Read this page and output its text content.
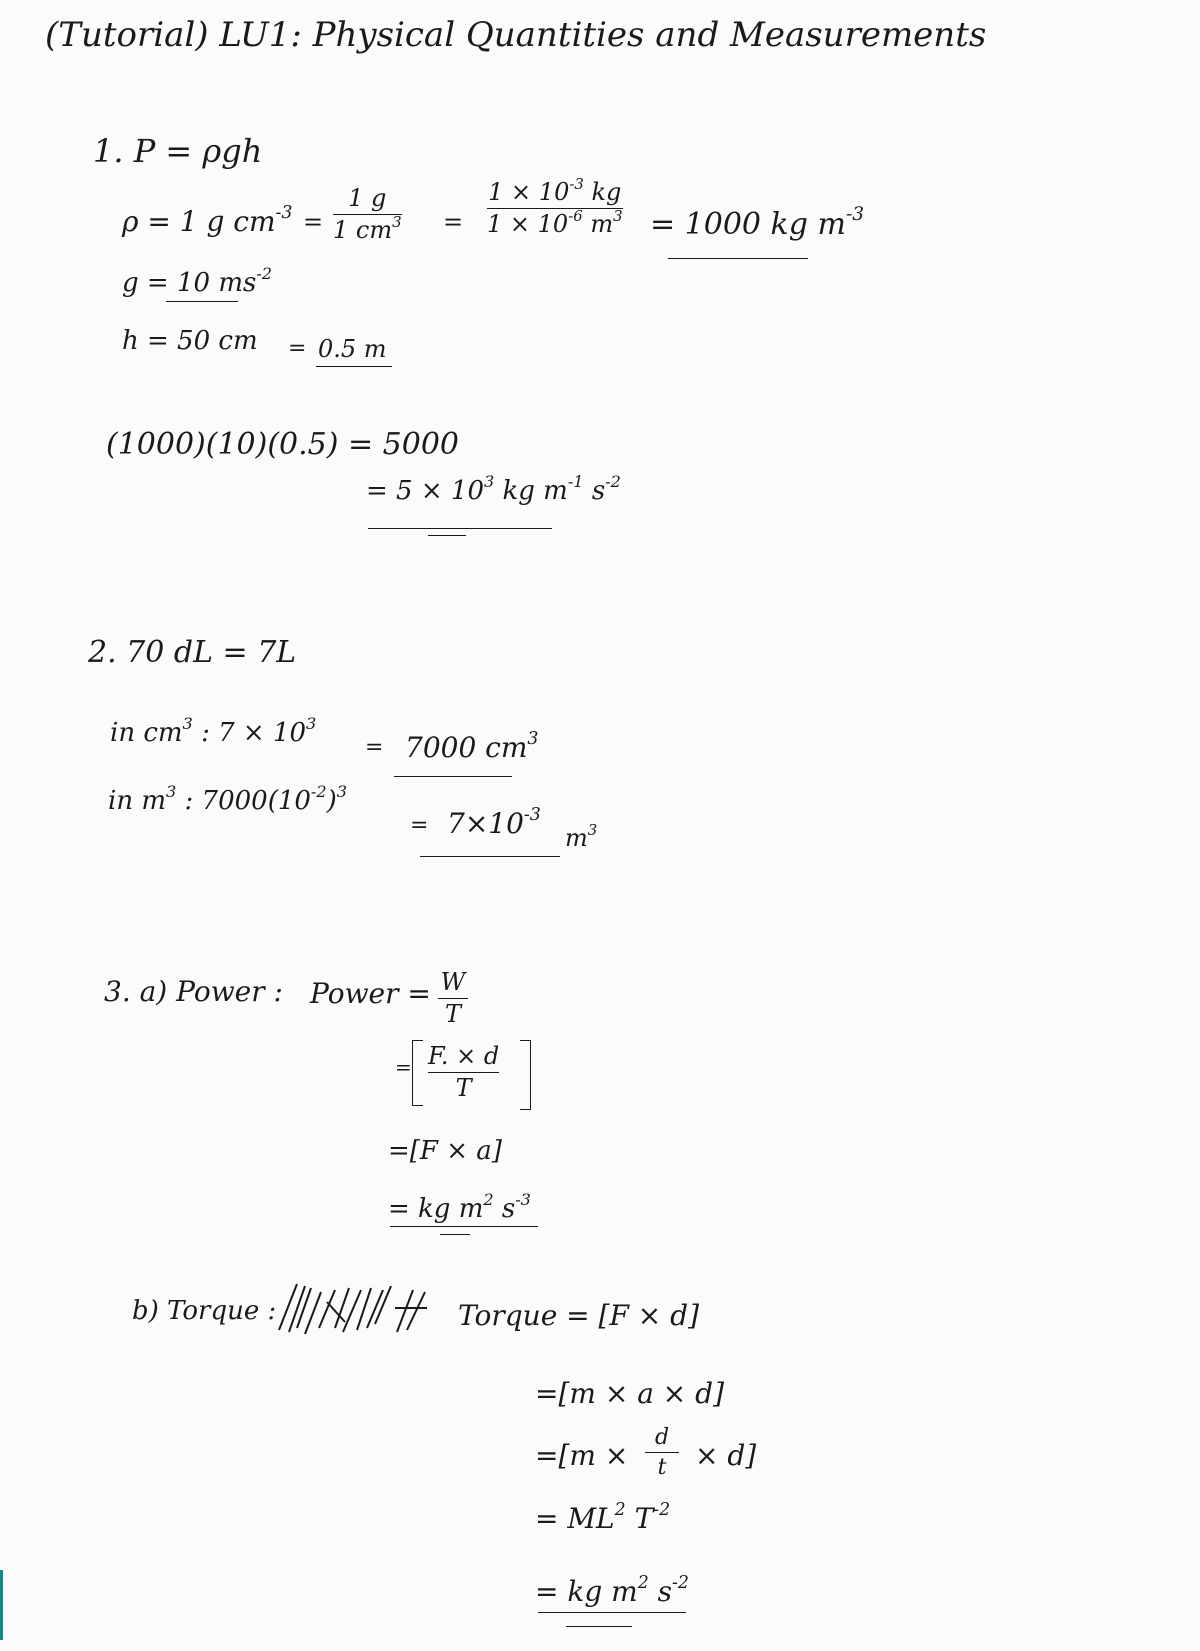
(Tutorial) LU1: Physical Quantities and Measurements
1. P = ρgh
ρ = 1 g $cm^{-3}$ =
1 g
1 $cm^3$ =
$1 \times 10^{-3}$ kg
$1 \times 10^{-6}$ $m^3 = 1000$ kg $m^{-3}$
g = 10 $ms^{-2}$
h = 50 cm = 0.5 m
(1000)(10)(0.5) = 5000
= $5 \times 10^3$ kg $m^{-1}$ $s^{-2}$
2. 70 dL = 7L
in $cm^3$ : $7 \times 10^3$
= 7000 $cm^3$
in $m^3$ : $7000(10^{-2})^3$
= $7\times 10^{-3}$
$m^3$
3. a) Power : Power = W
T
= F. × d
T
=[F × a]
= kg $m^2$ $s^{-3}$
b) Torque :	Torque = [F × d]
=[m × a × d]
=[m ×
d
t × d]
= $ML^2$ $T^{-2}$
= kg $m^2$ $s^{-2}$
